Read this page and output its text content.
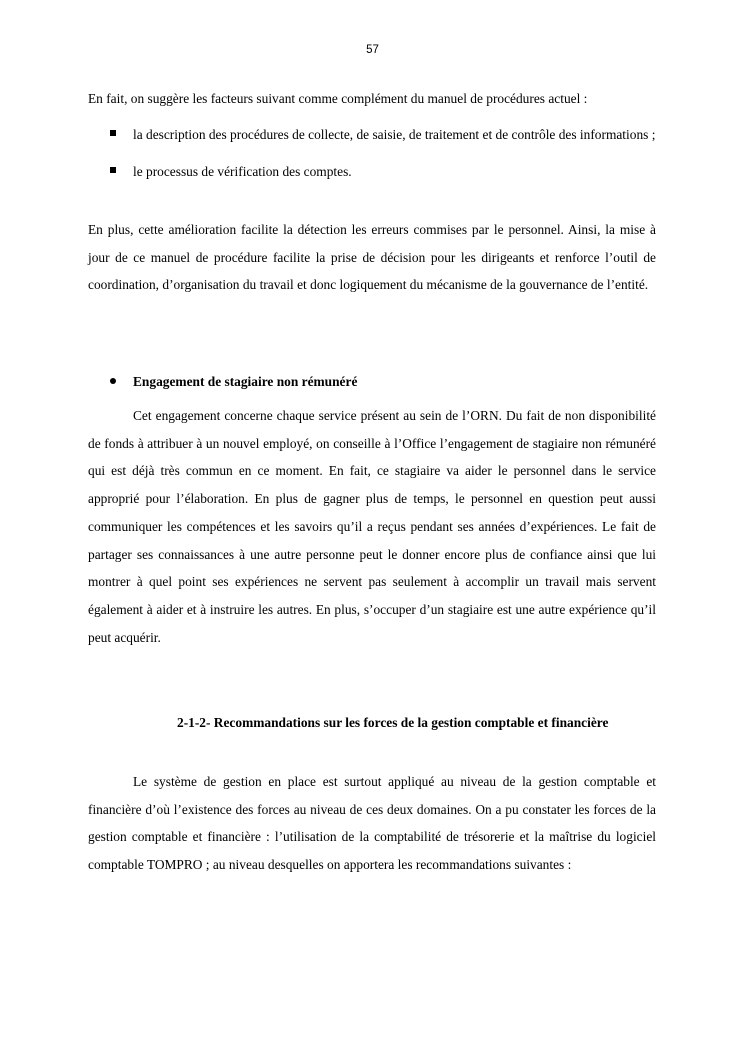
57

En fait, on suggère les facteurs suivant comme complément du manuel de procédures actuel :

la description des procédures de collecte, de saisie, de traitement et de contrôle des informations ;
le processus de vérification des comptes.

En plus, cette amélioration facilite la détection les erreurs commises par le personnel. Ainsi, la mise à jour de ce manuel de procédure facilite la prise de décision pour les dirigeants et renforce l’outil de coordination, d’organisation du travail et donc logiquement du mécanisme de la gouvernance de l’entité.

Engagement de stagiaire non rémunéré

Cet engagement concerne chaque service présent au sein de l’ORN. Du fait de non disponibilité de fonds à attribuer à un nouvel employé, on conseille à l’Office l’engagement de stagiaire non rémunéré qui est déjà très commun en ce moment. En fait, ce stagiaire va aider le personnel dans le service approprié pour l’élaboration. En plus de gagner plus de temps, le personnel en question peut aussi communiquer les compétences et les savoirs qu’il a reçus pendant ses années d’expériences. Le fait de partager ses connaissances à une autre personne peut le donner encore plus de confiance ainsi que lui montrer à quel point ses expériences ne servent pas seulement à accomplir un travail mais servent également à aider et à instruire les autres. En plus, s’occuper d’un stagiaire est une autre expérience qu’il peut acquérir.

2-1-2- Recommandations sur les forces de la gestion comptable et financière

Le système de gestion en place est surtout appliqué au niveau de la gestion comptable et financière d’où l’existence des forces au niveau de ces deux domaines. On a pu constater les forces de la gestion comptable et financière : l’utilisation de la comptabilité de trésorerie et la maîtrise du logiciel comptable TOMPRO ; au niveau desquelles on apportera les recommandations suivantes :
